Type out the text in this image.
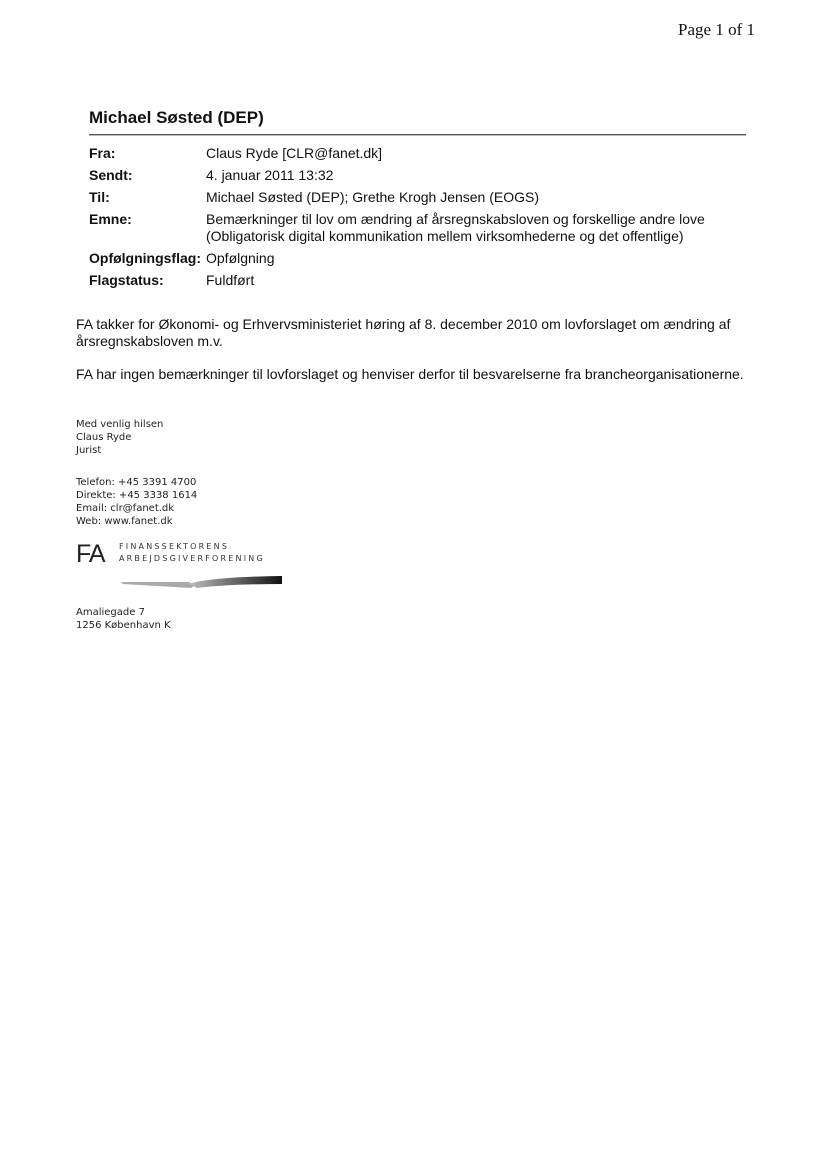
Page 1 of 1
Michael Søsted (DEP)
Fra:	Claus Ryde [CLR@fanet.dk]
Sendt:	4. januar 2011 13:32
Til:	Michael Søsted (DEP); Grethe Krogh Jensen (EOGS)
Emne:	Bemærkninger til lov om ændring af årsregnskabsloven og forskellige andre love (Obligatorisk digital kommunikation mellem virksomhederne og det offentlige)
Opfølgningsflag:	Opfølgning
Flagstatus:	Fuldført
FA takker for Økonomi- og Erhvervsministeriet høring af 8. december 2010 om lovforslaget om ændring af årsregnskabsloven m.v.
FA har ingen bemærkninger til lovforslaget og henviser derfor til besvarelserne fra brancheorganisationerne.
Med venlig hilsen
Claus Ryde
Jurist
Telefon: +45 3391 4700
Direkte: +45 3338 1614
Email: clr@fanet.dk
Web: www.fanet.dk
FA FINANSSEKTORENS
ARBEJDSGIVERFORENING
Amaliegade 7
1256 København K
